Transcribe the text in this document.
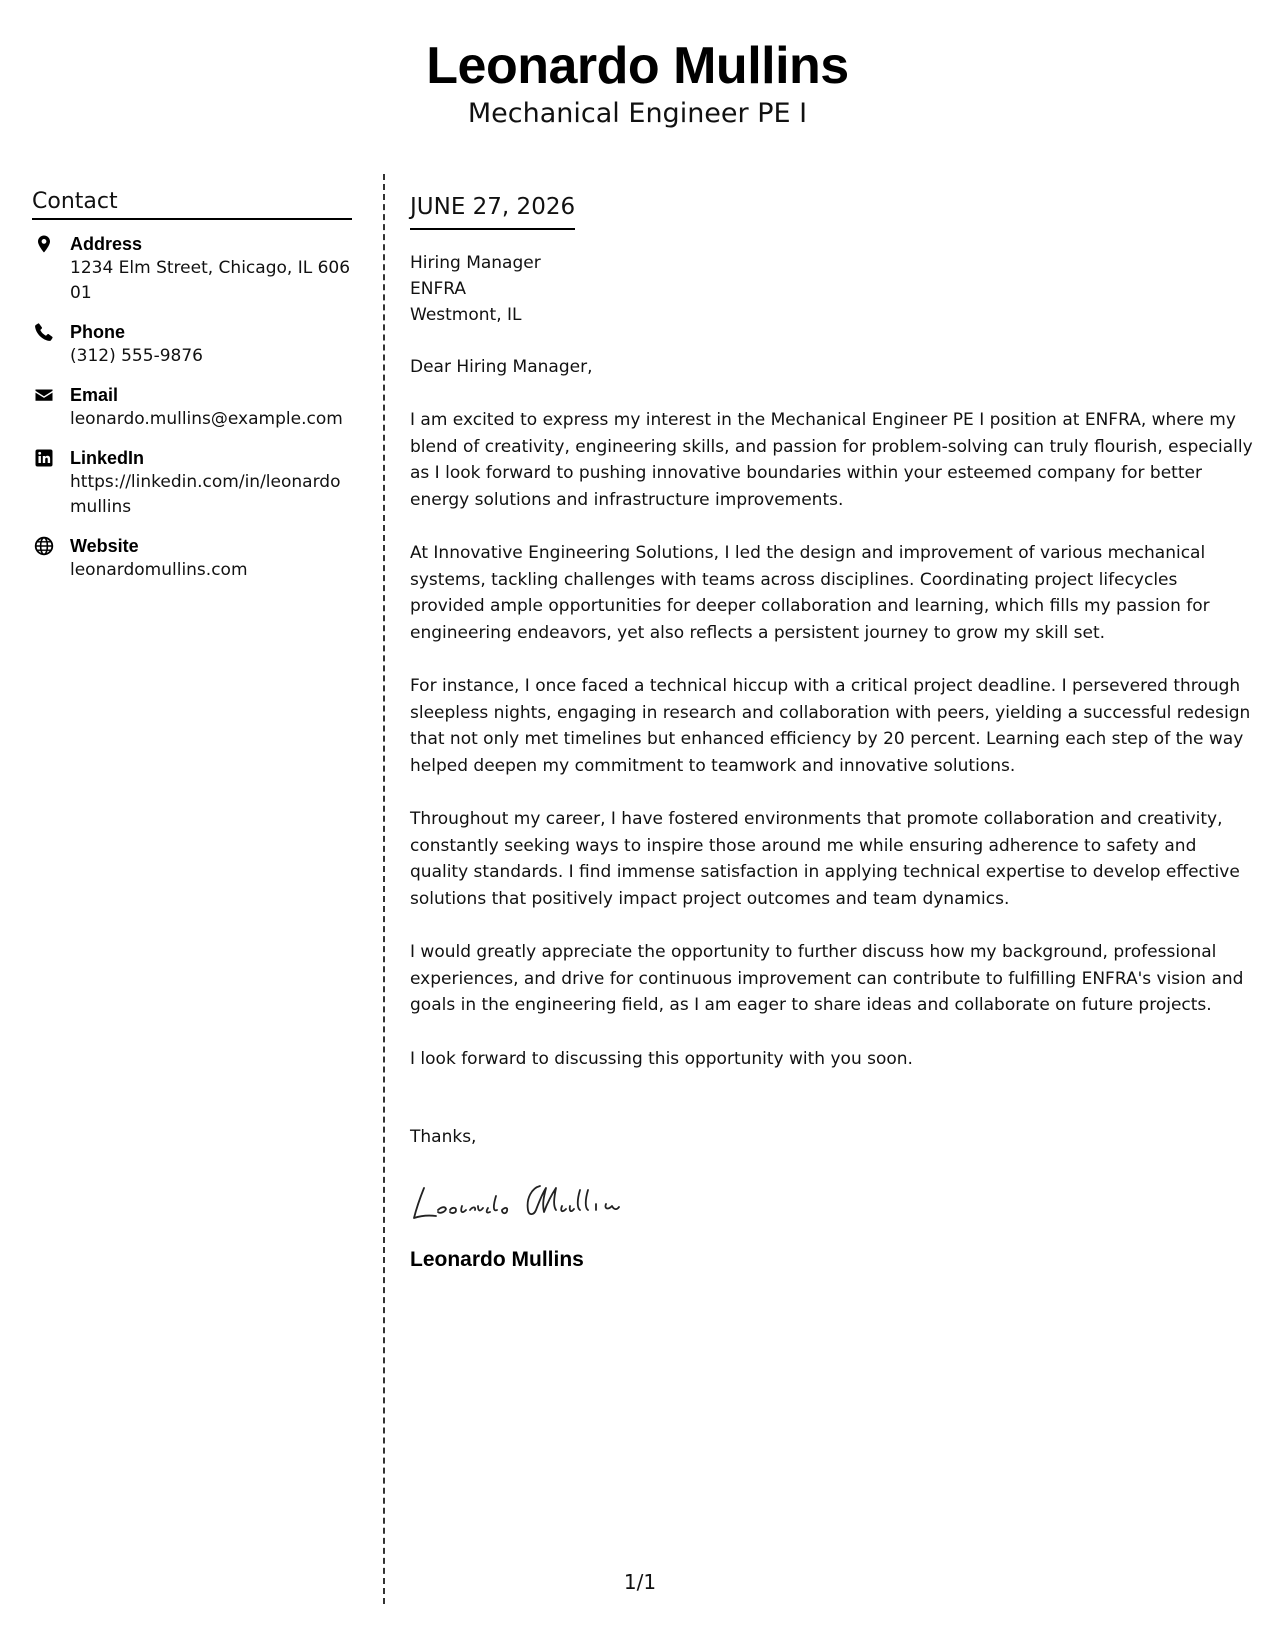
Leonardo Mullins
Mechanical Engineer PE I
Contact
Address
1234 Elm Street, Chicago, IL 60601
Phone
(312) 555-9876
Email
leonardo.mullins@example.com
LinkedIn
https://linkedin.com/in/leonardomullins
Website
leonardomullins.com
JUNE 27, 2026
Hiring Manager
ENFRA
Westmont, IL
Dear Hiring Manager,

I am excited to express my interest in the Mechanical Engineer PE I position at ENFRA, where my blend of creativity, engineering skills, and passion for problem-solving can truly flourish, especially as I look forward to pushing innovative boundaries within your esteemed company for better energy solutions and infrastructure improvements.

At Innovative Engineering Solutions, I led the design and improvement of various mechanical systems, tackling challenges with teams across disciplines. Coordinating project lifecycles provided ample opportunities for deeper collaboration and learning, which fills my passion for engineering endeavors, yet also reflects a persistent journey to grow my skill set.

For instance, I once faced a technical hiccup with a critical project deadline. I persevered through sleepless nights, engaging in research and collaboration with peers, yielding a successful redesign that not only met timelines but enhanced efficiency by 20 percent. Learning each step of the way helped deepen my commitment to teamwork and innovative solutions.

Throughout my career, I have fostered environments that promote collaboration and creativity, constantly seeking ways to inspire those around me while ensuring adherence to safety and quality standards. I find immense satisfaction in applying technical expertise to develop effective solutions that positively impact project outcomes and team dynamics.

I would greatly appreciate the opportunity to further discuss how my background, professional experiences, and drive for continuous improvement can contribute to fulfilling ENFRA's vision and goals in the engineering field, as I am eager to share ideas and collaborate on future projects.

I look forward to discussing this opportunity with you soon.

Thanks,
Leonardo Mullins
1/1
